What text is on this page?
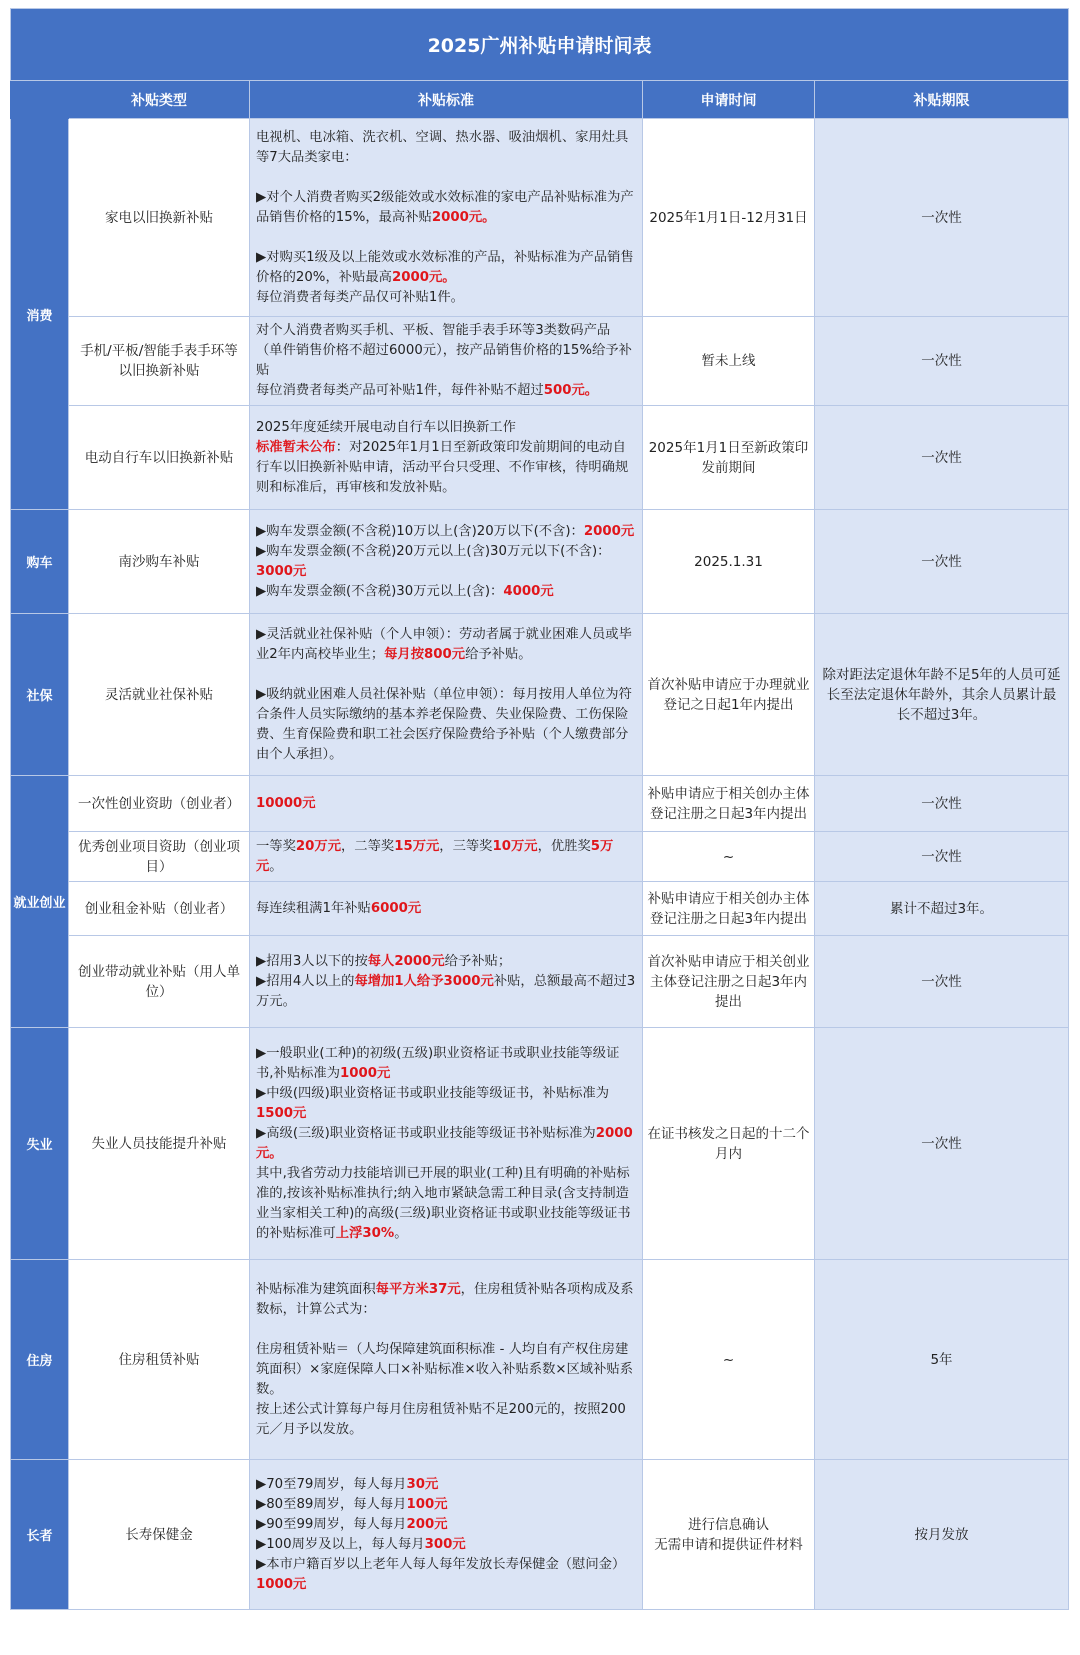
2025广州补贴申请时间表				
	补贴类型	补贴标准	申请时间	补贴期限
消费	家电以旧换新补贴	电视机、电冰箱、洗衣机、空调、热水器、吸油烟机、家用灶具等7大品类家电：
▶对个人消费者购买2级能效或水效标准的家电产品补贴标准为产品销售价格的15%，最高补贴2000元。
▶对购买1级及以上能效或水效标准的产品，补贴标准为产品销售价格的20%，补贴最高2000元。
每位消费者每类产品仅可补贴1件。	2025年1月1日-12月31日	一次性
	手机/平板/智能手表手环等以旧换新补贴	对个人消费者购买手机、平板、智能手表手环等3类数码产品（单件销售价格不超过6000元），按产品销售价格的15%给予补贴
每位消费者每类产品可补贴1件，每件补贴不超过500元。	暂未上线	一次性
	电动自行车以旧换新补贴	2025年度延续开展电动自行车以旧换新工作
标准暂未公布：对2025年1月1日至新政策印发前期间的电动自行车以旧换新补贴申请，活动平台只受理、不作审核，待明确规则和标准后，再审核和发放补贴。	2025年1月1日至新政策印发前期间	一次性
购车	南沙购车补贴	▶购车发票金额(不含税)10万以上(含)20万以下(不含)：2000元
▶购车发票金额(不含税)20万元以上(含)30万元以下(不含)：3000元
▶购车发票金额(不含税)30万元以上(含)：4000元	2025.1.31	一次性
社保	灵活就业社保补贴	▶灵活就业社保补贴（个人申领）：劳动者属于就业困难人员或毕业2年内高校毕业生；每月按800元给予补贴。
▶吸纳就业困难人员社保补贴（单位申领）：每月按用人单位为符合条件人员实际缴纳的基本养老保险费、失业保险费、工伤保险费、生育保险费和职工社会医疗保险费给予补贴（个人缴费部分由个人承担）。	首次补贴申请应于办理就业登记之日起1年内提出	除对距法定退休年龄不足5年的人员可延长至法定退休年龄外，其余人员累计最长不超过3年。
就业创业	一次性创业资助（创业者）	10000元	补贴申请应于相关创办主体登记注册之日起3年内提出	一次性
	优秀创业项目资助（创业项目）	一等奖20万元，二等奖15万元，三等奖10万元，优胜奖5万元。	~	一次性
	创业租金补贴（创业者）	每连续租满1年补贴6000元	补贴申请应于相关创办主体登记注册之日起3年内提出	累计不超过3年。
	创业带动就业补贴（用人单位）	▶招用3人以下的按每人2000元给予补贴；
▶招用4人以上的每增加1人给予3000元补贴，总额最高不超过3万元。	首次补贴申请应于相关创业主体登记注册之日起3年内提出	一次性
失业	失业人员技能提升补贴	▶一般职业(工种)的初级(五级)职业资格证书或职业技能等级证书,补贴标准为1000元
▶中级(四级)职业资格证书或职业技能等级证书，补贴标准为1500元
▶高级(三级)职业资格证书或职业技能等级证书补贴标准为2000元。
其中,我省劳动力技能培训已开展的职业(工种)且有明确的补贴标准的,按该补贴标准执行;纳入地市紧缺急需工种目录(含支持制造业当家相关工种)的高级(三级)职业资格证书或职业技能等级证书的补贴标准可上浮30%。	在证书核发之日起的十二个月内	一次性
住房	住房租赁补贴	补贴标准为建筑面积每平方米37元，住房租赁补贴各项构成及系数标，计算公式为：
住房租赁补贴＝（人均保障建筑面积标准 - 人均自有产权住房建筑面积）×家庭保障人口×补贴标准×收入补贴系数×区域补贴系数。
按上述公式计算每户每月住房租赁补贴不足200元的，按照200元／月予以发放。	~	5年
长者	长寿保健金	▶70至79周岁，每人每月30元
▶80至89周岁，每人每月100元
▶90至99周岁，每人每月200元
▶100周岁及以上，每人每月300元
▶本市户籍百岁以上老年人每人每年发放长寿保健金（慰问金）1000元	进行信息确认
无需申请和提供证件材料	按月发放
